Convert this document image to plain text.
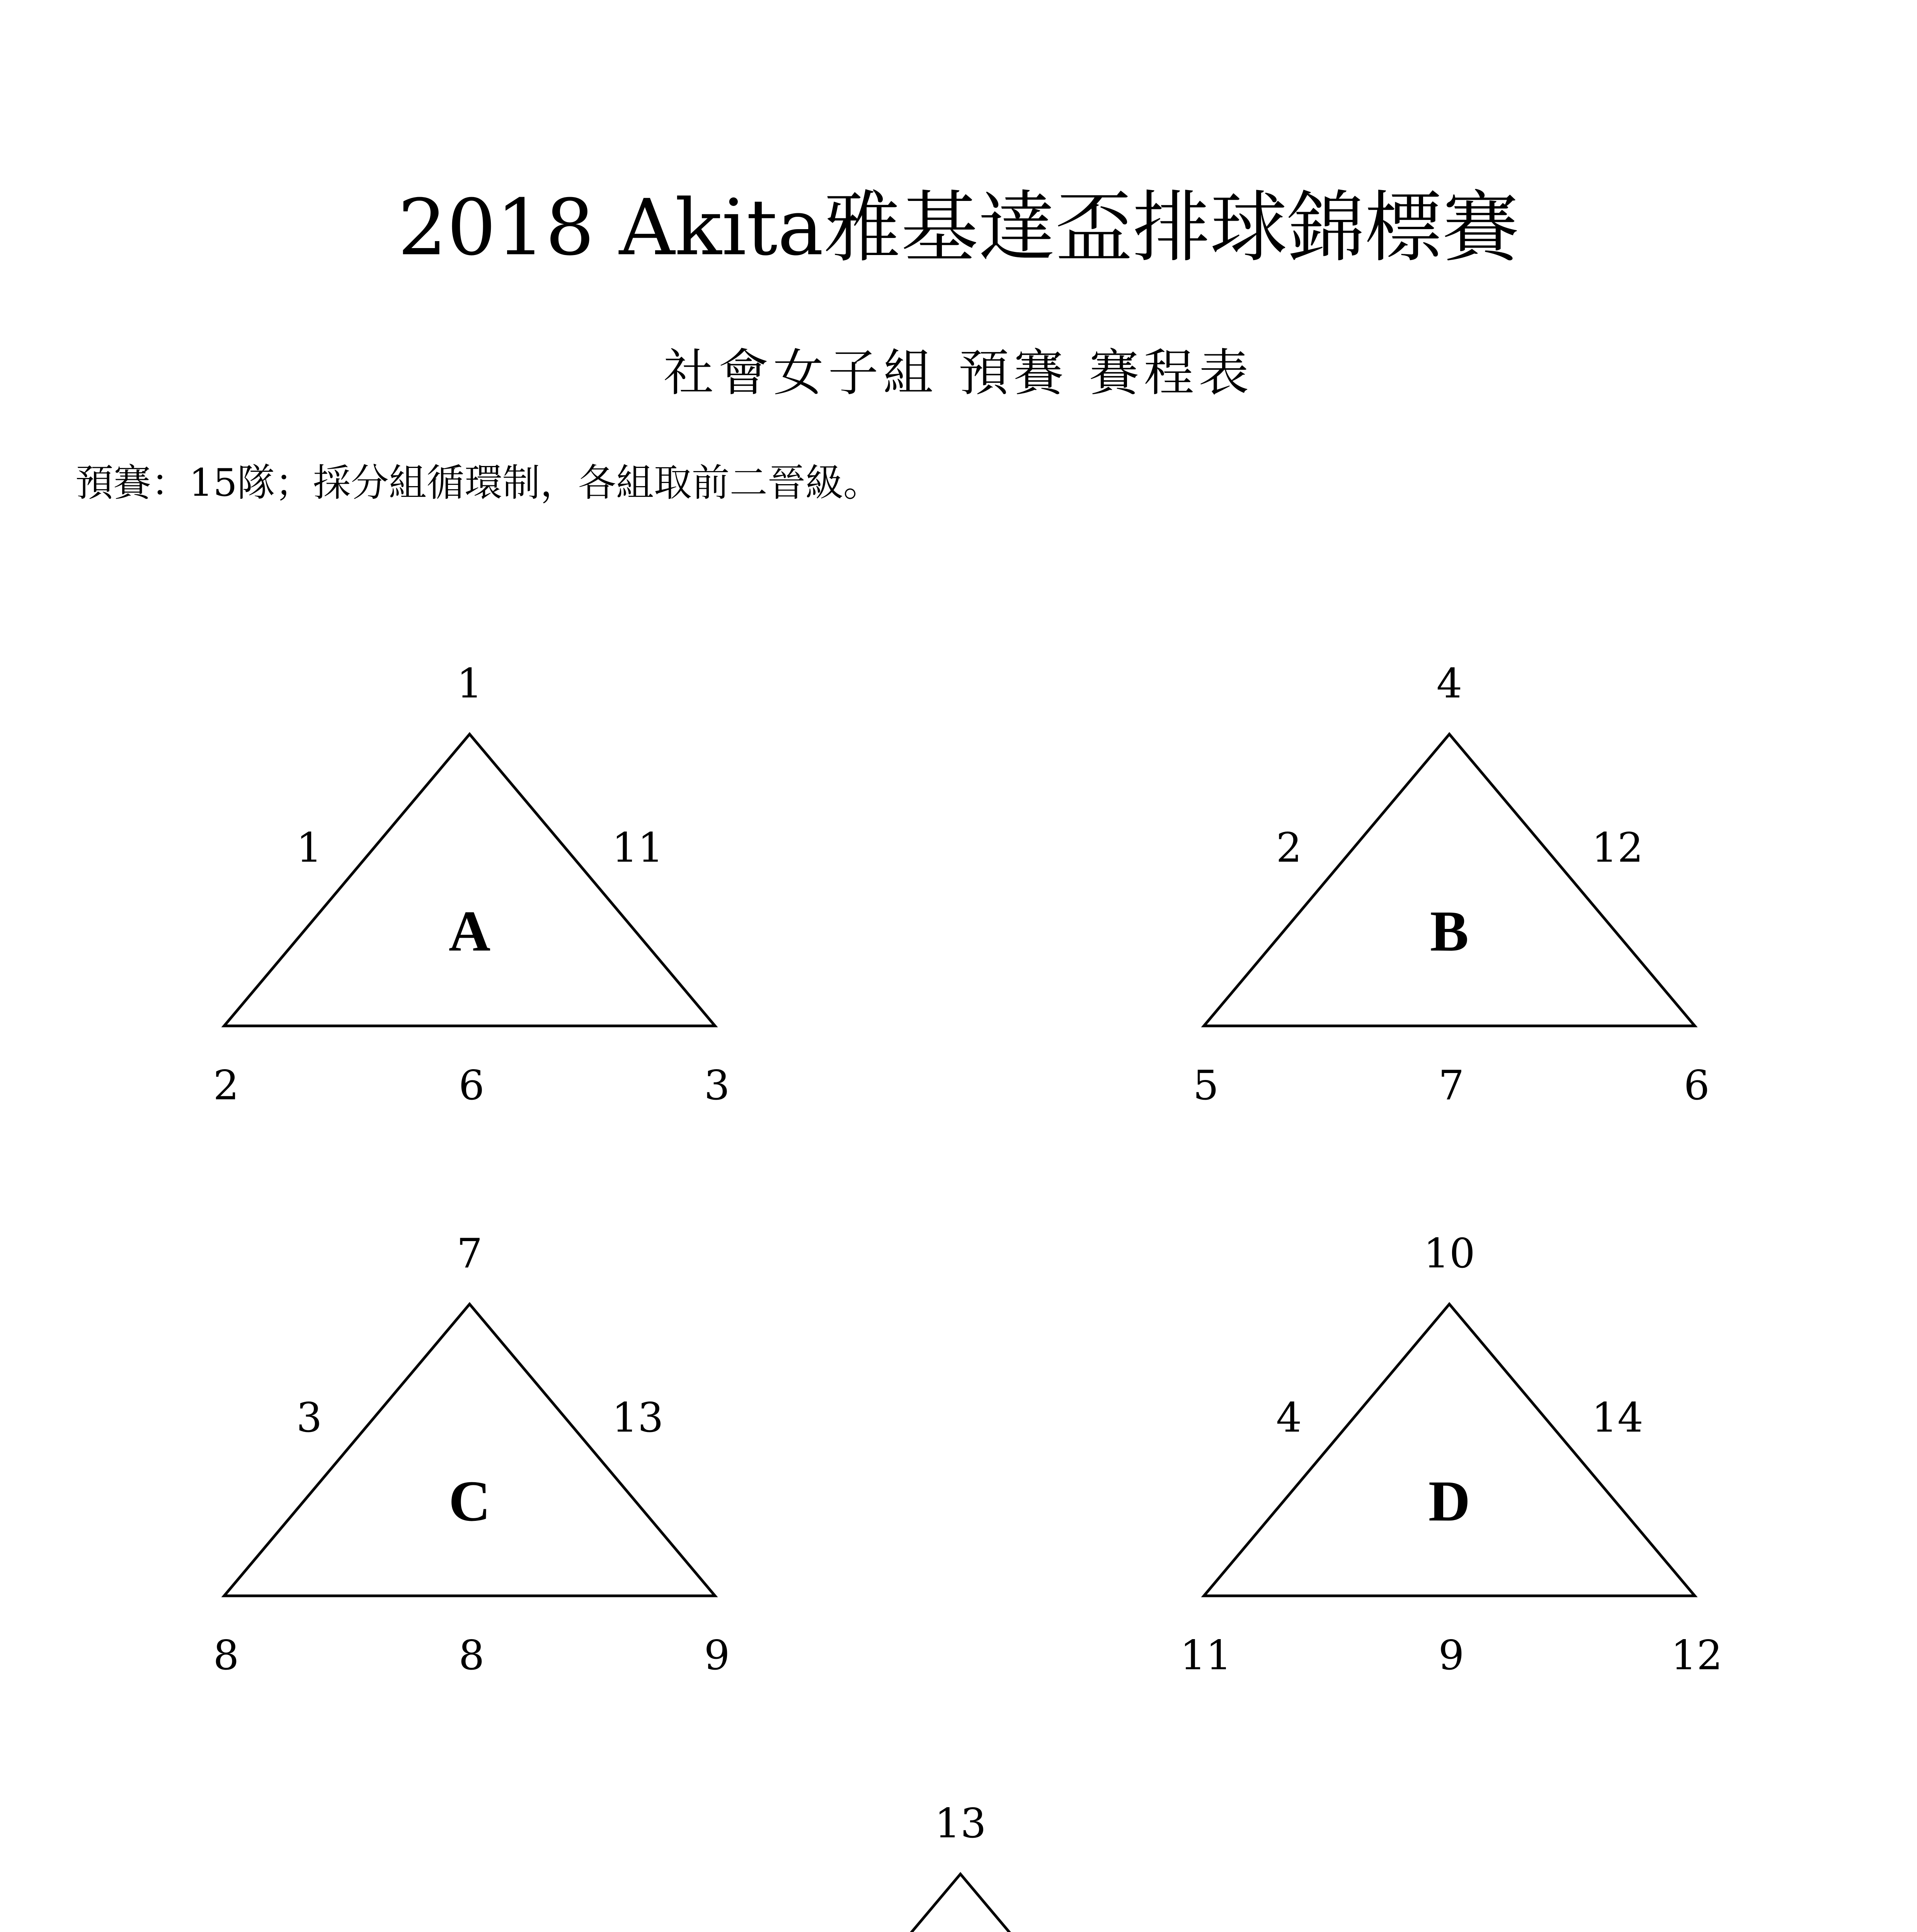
2018 Akita雅基達盃排球錦標賽
社會女子組 預賽 賽程表
預賽：15隊；採分組循環制，各組取前二晉級。
1
2	3
1	11
6
A
4
5	6
2	12
7
B
7
8	9
3	13
8
C
10
11	12
4	14
9
D
13
